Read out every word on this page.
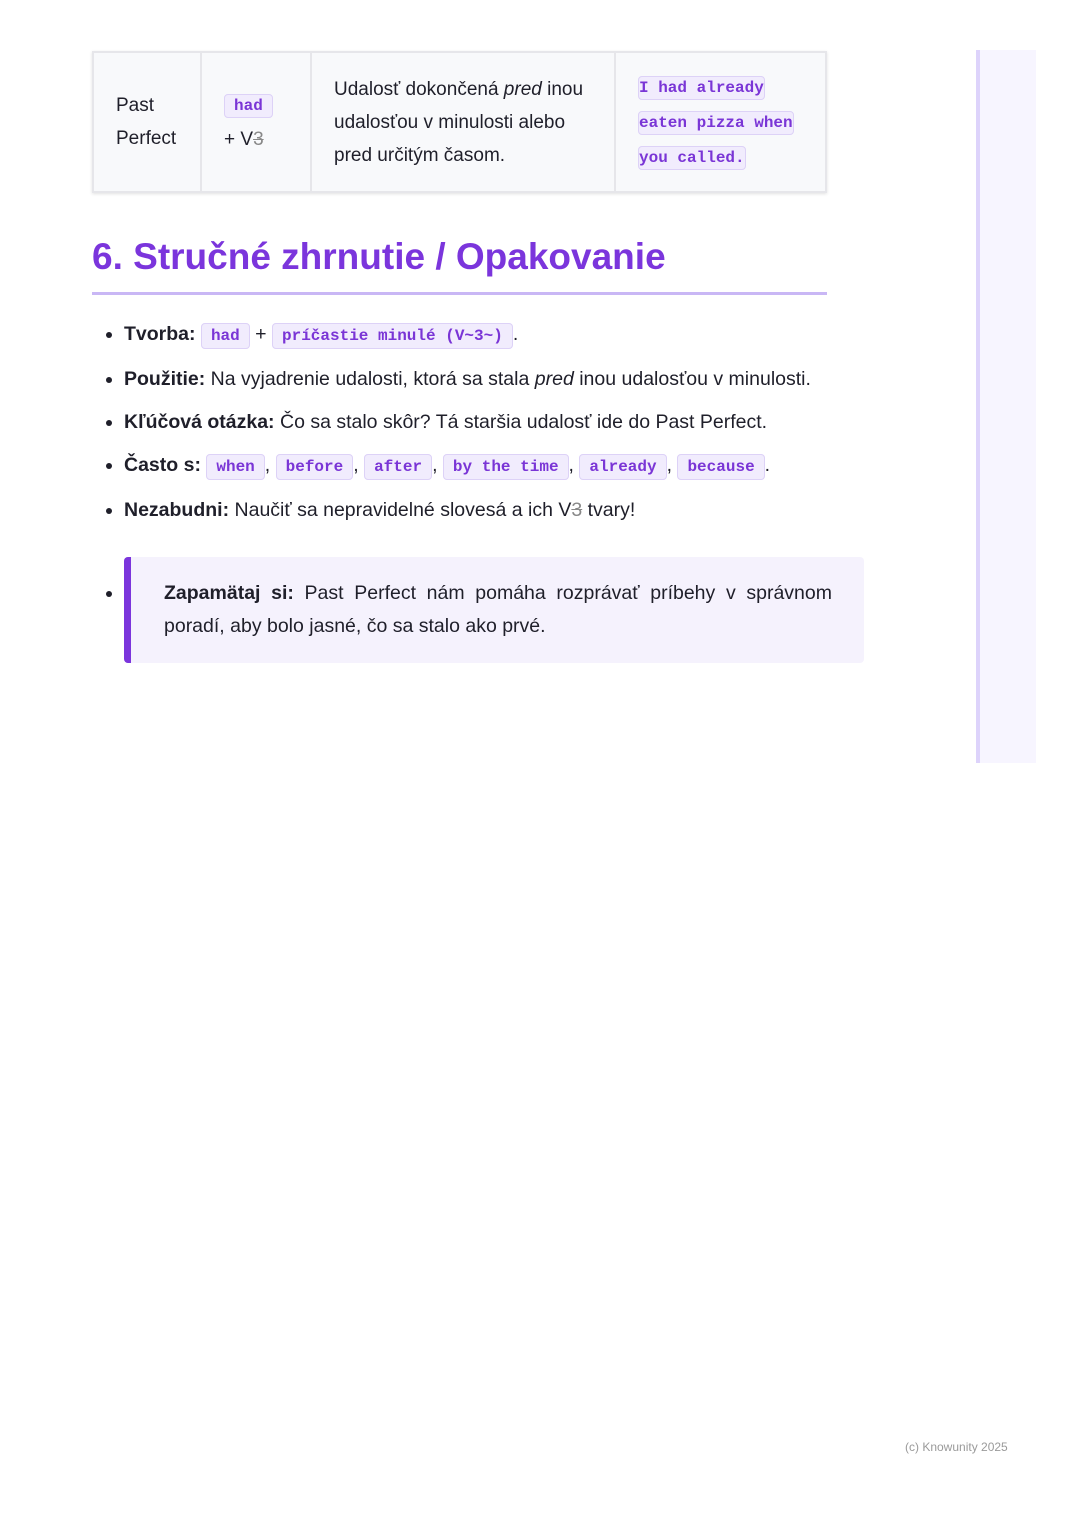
Past
Perfect	had
+ V3	Udalosť dokončená pred inou udalosťou v minulosti alebo pred určitým časom.	I had already
eaten pizza when
you called.
6. Stručné zhrnutie / Opakovanie
• Tvorba: had + príčastie minulé (V~3~) .
• Použitie: Na vyjadrenie udalosti, ktorá sa stala pred inou udalosťou v minulosti.
• Kľúčová otázka: Čo sa stalo skôr? Tá staršia udalosť ide do Past Perfect.
• Často s: when , before , after , by the time , already , because .
• Nezabudni: Naučiť sa nepravidelné slovesá a ich V3 tvary!
• Zapamätaj si: Past Perfect nám pomáha rozprávať príbehy v správnom poradí, aby bolo jasné, čo sa stalo ako prvé.
(c) Knowunity 2025
